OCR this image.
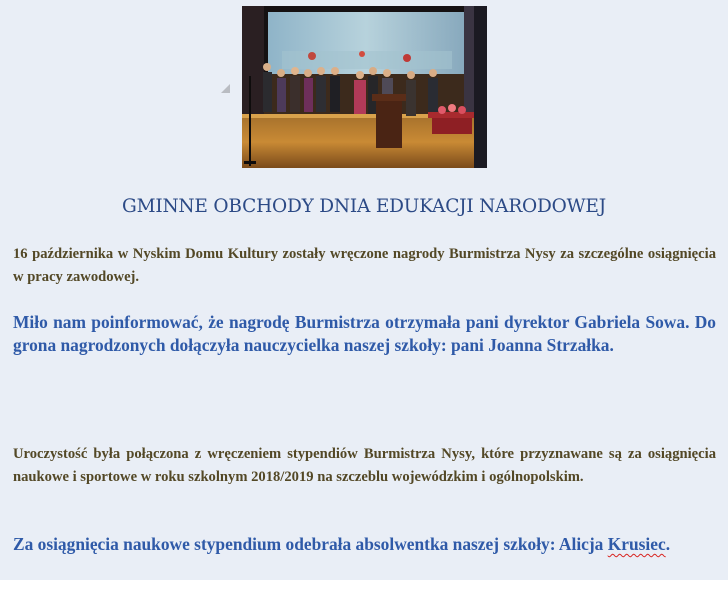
GMINNE OBCHODY DNIA EDUKACJI NARODOWEJ

16 października w Nyskim Domu Kultury zostały wręczone nagrody Burmistrza Nysy za szczególne osiągnięcia w pracy zawodowej.

Miło nam poinformować, że nagrodę Burmistrza otrzymała pani dyrektor Gabriela Sowa. Do grona nagrodzonych dołączyła nauczycielka naszej szkoły: pani Joanna Strzałka.

Uroczystość była połączona z wręczeniem stypendiów Burmistrza Nysy, które przyznawane są za osiągnięcia naukowe i sportowe w roku szkolnym 2018/2019 na szczeblu wojewódzkim i ogólnopolskim.

Za osiągnięcia naukowe stypendium odebrała absolwentka naszej szkoły: Alicja Krusiec.
